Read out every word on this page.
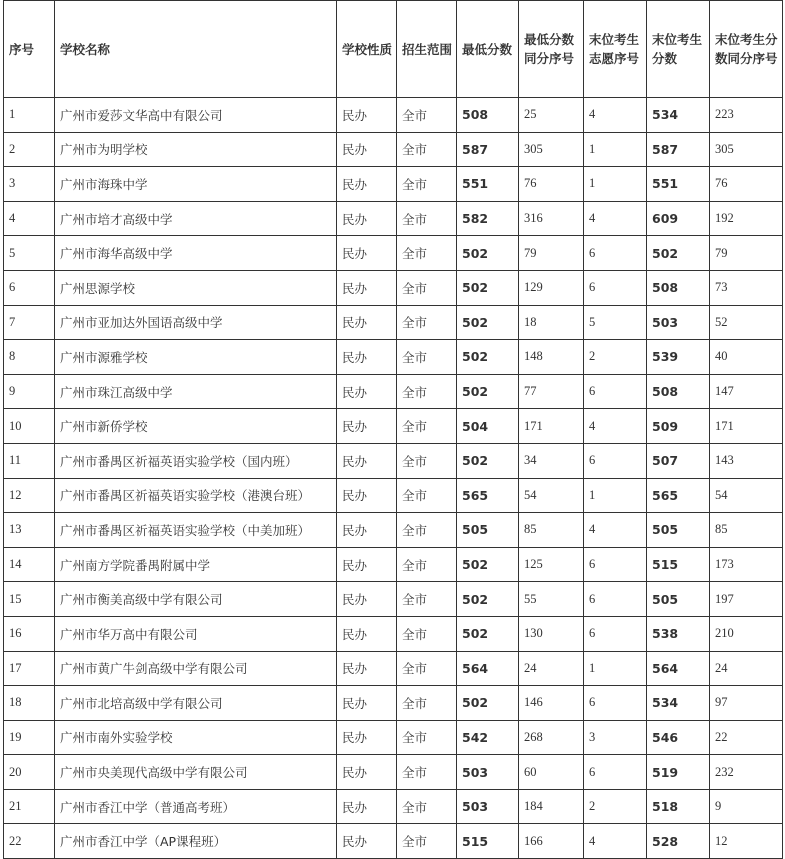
序号	学校名称	学校性质	招生范围	最低分数	最低分数同分序号	末位考生志愿序号	末位考生分数	末位考生分数同分序号
1	广州市爱莎文华高中有限公司	民办	全市	508	25	4	534	223
2	广州市为明学校	民办	全市	587	305	1	587	305
3	广州市海珠中学	民办	全市	551	76	1	551	76
4	广州市培才高级中学	民办	全市	582	316	4	609	192
5	广州市海华高级中学	民办	全市	502	79	6	502	79
6	广州思源学校	民办	全市	502	129	6	508	73
7	广州市亚加达外国语高级中学	民办	全市	502	18	5	503	52
8	广州市源雅学校	民办	全市	502	148	2	539	40
9	广州市珠江高级中学	民办	全市	502	77	6	508	147
10	广州市新侨学校	民办	全市	504	171	4	509	171
11	广州市番禺区祈福英语实验学校（国内班）	民办	全市	502	34	6	507	143
12	广州市番禺区祈福英语实验学校（港澳台班）	民办	全市	565	54	1	565	54
13	广州市番禺区祈福英语实验学校（中美加班）	民办	全市	505	85	4	505	85
14	广州南方学院番禺附属中学	民办	全市	502	125	6	515	173
15	广州市衡美高级中学有限公司	民办	全市	502	55	6	505	197
16	广州市华万高中有限公司	民办	全市	502	130	6	538	210
17	广州市黄广牛剑高级中学有限公司	民办	全市	564	24	1	564	24
18	广州市北培高级中学有限公司	民办	全市	502	146	6	534	97
19	广州市南外实验学校	民办	全市	542	268	3	546	22
20	广州市央美现代高级中学有限公司	民办	全市	503	60	6	519	232
21	广州市香江中学（普通高考班）	民办	全市	503	184	2	518	9
22	广州市香江中学（AP课程班）	民办	全市	515	166	4	528	12
